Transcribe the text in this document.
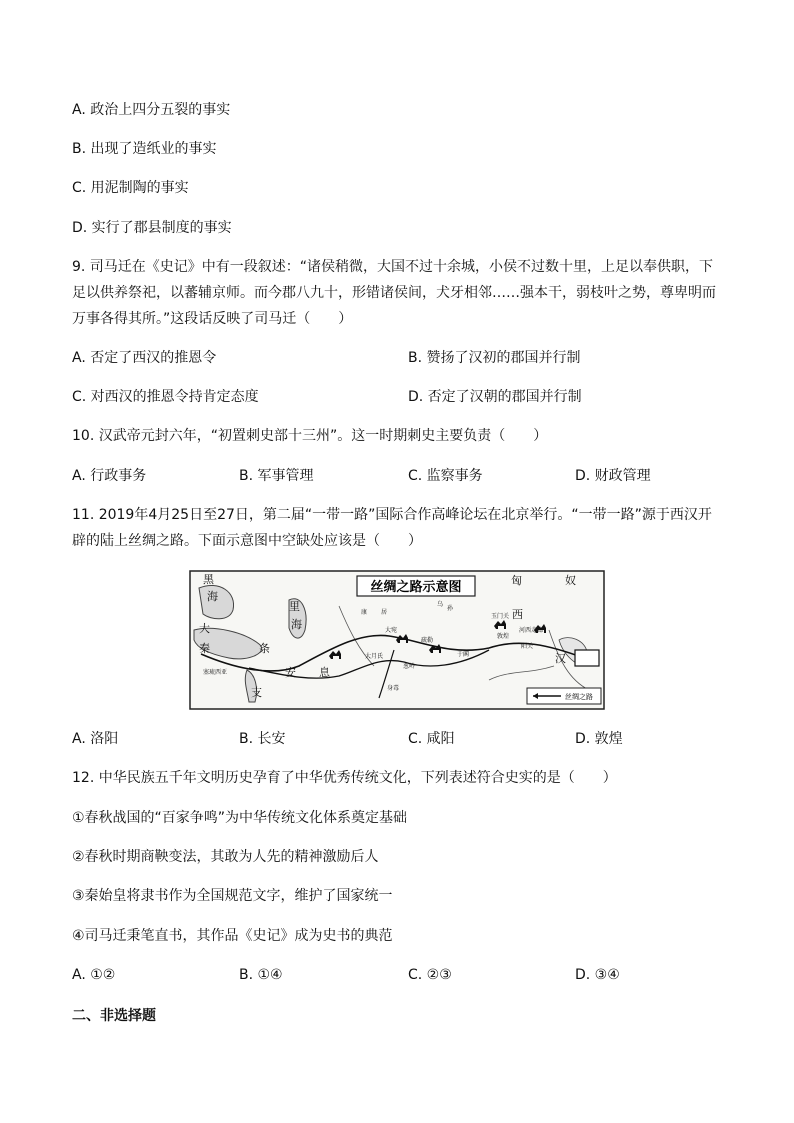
A. 政治上四分五裂的事实
B. 出现了造纸业的事实
C. 用泥制陶的事实
D. 实行了郡县制度的事实
9. 司马迁在《史记》中有一段叙述：“诸侯稍微，大国不过十余城，小侯不过数十里，上足以奉供职，下
足以供养祭祀，以蕃辅京师。而今郡八九十，形错诸侯间，犬牙相邻……强本干，弱枝叶之势，尊卑明而
万事各得其所。”这段话反映了司马迁（　　）
A. 否定了西汉的推恩令	B. 赞扬了汉初的郡国并行制
C. 对西汉的推恩令持肯定态度	D. 否定了汉朝的郡国并行制
10. 汉武帝元封六年，“初置刺史部十三州”。这一时期刺史主要负责（　　）
A. 行政事务	B. 军事管理	C. 监察事务	D. 财政管理
11. 2019年4月25日至27日，第二届“一带一路”国际合作高峰论坛在北京举行。“一带一路”源于西汉开
辟的陆上丝绸之路。下面示意图中空缺处应该是（　　）
丝绸之路示意图
黑
海
大
秦
里
海
条
支
安 息
匈	奴
西
汉
康 居
乌
孙
玉门关
敦煌
河西走廊
阳关
大宛
疏勒
于阗
大月氏
葱岭
身毒
塞琉西亚
丝绸之路
A. 洛阳	B. 长安	C. 咸阳	D. 敦煌
12. 中华民族五千年文明历史孕育了中华优秀传统文化，下列表述符合史实的是（　　）
①春秋战国的“百家争鸣”为中华传统文化体系奠定基础
②春秋时期商鞅变法，其敢为人先的精神激励后人
③秦始皇将隶书作为全国规范文字，维护了国家统一
④司马迁秉笔直书，其作品《史记》成为史书的典范
A. ①②	B. ①④	C. ②③	D. ③④
二、非选择题
